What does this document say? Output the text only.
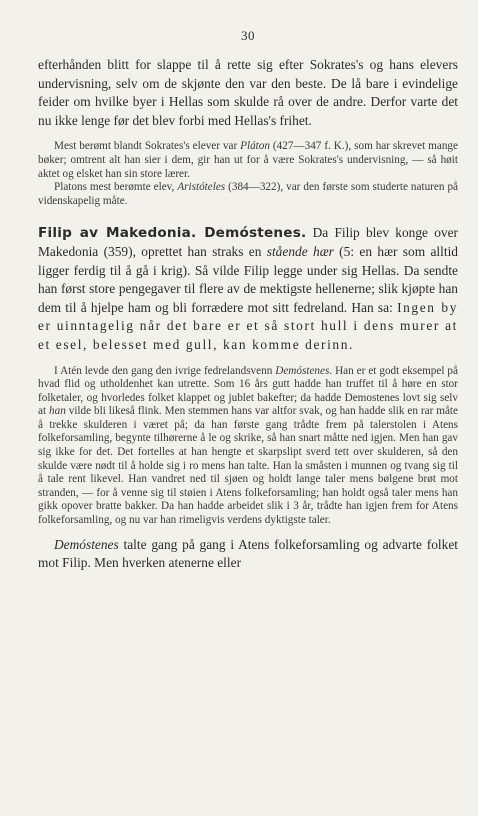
30

efterhånden blitt for slappe til å rette sig efter Sokrates's og hans elevers undervisning, selv om de skjønte den var den beste. De lå bare i evindelige feider om hvilke byer i Hellas som skulde rå over de andre. Derfor varte det nu ikke lenge før det blev forbi med Hellas's frihet.

Mest berømt blandt Sokrates's elever var Pláton (427—347 f. K.), som har skrevet mange bøker; omtrent alt han sier i dem, gir han ut for å være Sokrates's undervisning, — så høit aktet og elsket han sin store lærer.

Platons mest berømte elev, Aristóteles (384—322), var den første som studerte naturen på videnskapelig måte.

Filip av Makedonia. Demóstenes. Da Filip blev konge over Makedonia (359), oprettet han straks en stående hær (5: en hær som alltid ligger ferdig til å gå i krig). Så vilde Filip legge under sig Hellas. Da sendte han først store pengegaver til flere av de mektigste hellenerne; slik kjøpte han dem til å hjelpe ham og bli forrædere mot sitt fedreland. Han sa: Ingen by er uinntagelig når det bare er et så stort hull i dens murer at et esel, belesset med gull, kan komme derinn.

I Atén levde den gang den ivrige fedrelandsvenn Demóstenes. Han er et godt eksempel på hvad flid og utholdenhet kan utrette. Som 16 års gutt hadde han truffet til å høre en stor folketaler, og hvorledes folket klappet og jublet bakefter; da hadde Demostenes lovt sig selv at han vilde bli likeså flink. Men stemmen hans var altfor svak, og han hadde slik en rar måte å trekke skulderen i været på; da han første gang trådte frem på talerstolen i Atens folkeforsamling, begynte tilhørerne å le og skrike, så han snart måtte ned igjen. Men han gav sig ikke for det. Det fortelles at han hengte et skarpslipt sverd tett over skulderen, så den skulde være nødt til å holde sig i ro mens han talte. Han la småsten i munnen og tvang sig til å tale rent likevel. Han vandret ned til sjøen og holdt lange taler mens bølgene brøt mot stranden, — for å venne sig til støien i Atens folkeforsamling; han holdt også taler mens han gikk opover bratte bakker. Da han hadde arbeidet slik i 3 år, trådte han igjen frem for Atens folkeforsamling, og nu var han rimeligvis verdens dyktigste taler.

Demóstenes talte gang på gang i Atens folkeforsamling og advarte folket mot Filip. Men hverken atenerne eller
